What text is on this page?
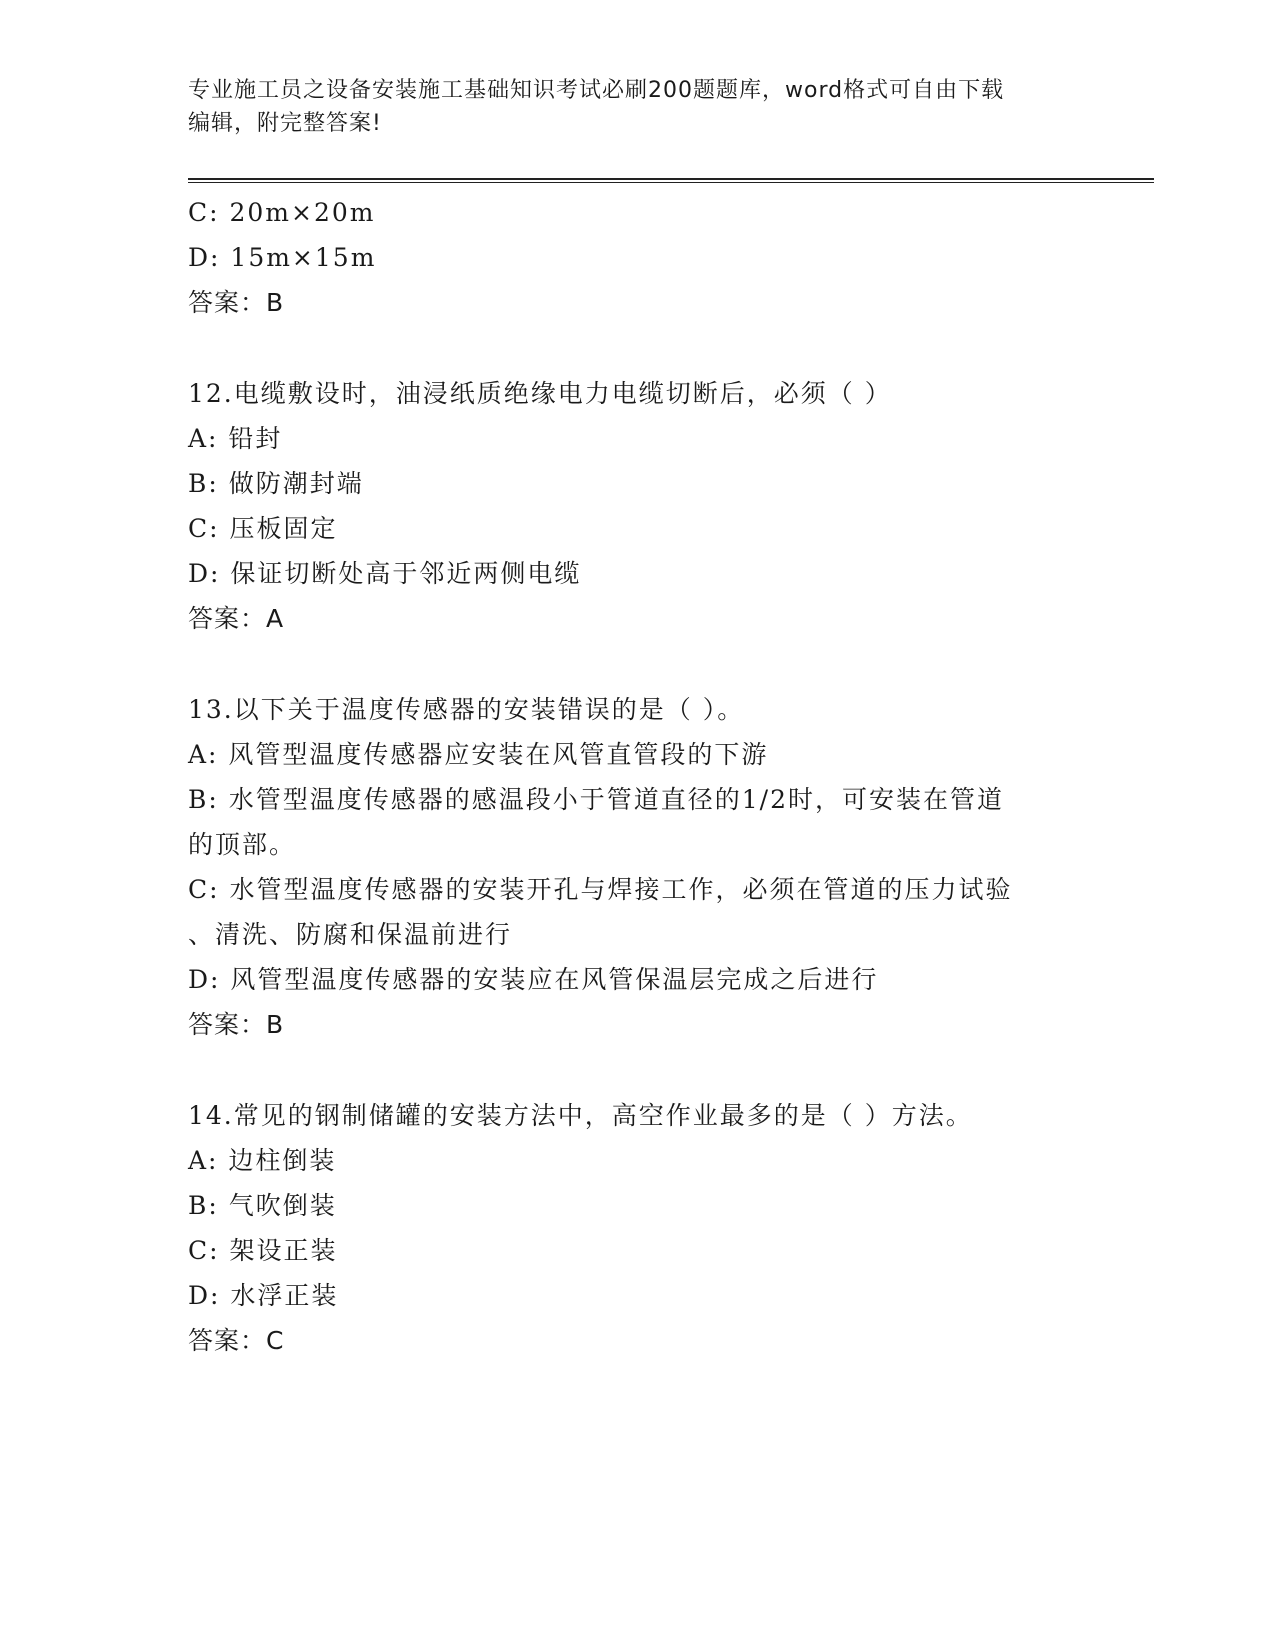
专业施工员之设备安装施工基础知识考试必刷200题题库，word格式可自由下载
编辑，附完整答案!
C: 20m×20m
D: 15m×15m
答案：B
12.电缆敷设时，油浸纸质绝缘电力电缆切断后，必须（ ）
A: 铅封
B: 做防潮封端
C: 压板固定
D: 保证切断处高于邻近两侧电缆
答案：A
13.以下关于温度传感器的安装错误的是（ ）。
A: 风管型温度传感器应安装在风管直管段的下游
B: 水管型温度传感器的感温段小于管道直径的1/2时，可安装在管道
的顶部。
C: 水管型温度传感器的安装开孔与焊接工作，必须在管道的压力试验
、清洗、防腐和保温前进行
D: 风管型温度传感器的安装应在风管保温层完成之后进行
答案：B
14.常见的钢制储罐的安装方法中，高空作业最多的是（ ）方法。
A: 边柱倒装
B: 气吹倒装
C: 架设正装
D: 水浮正装
答案：C
